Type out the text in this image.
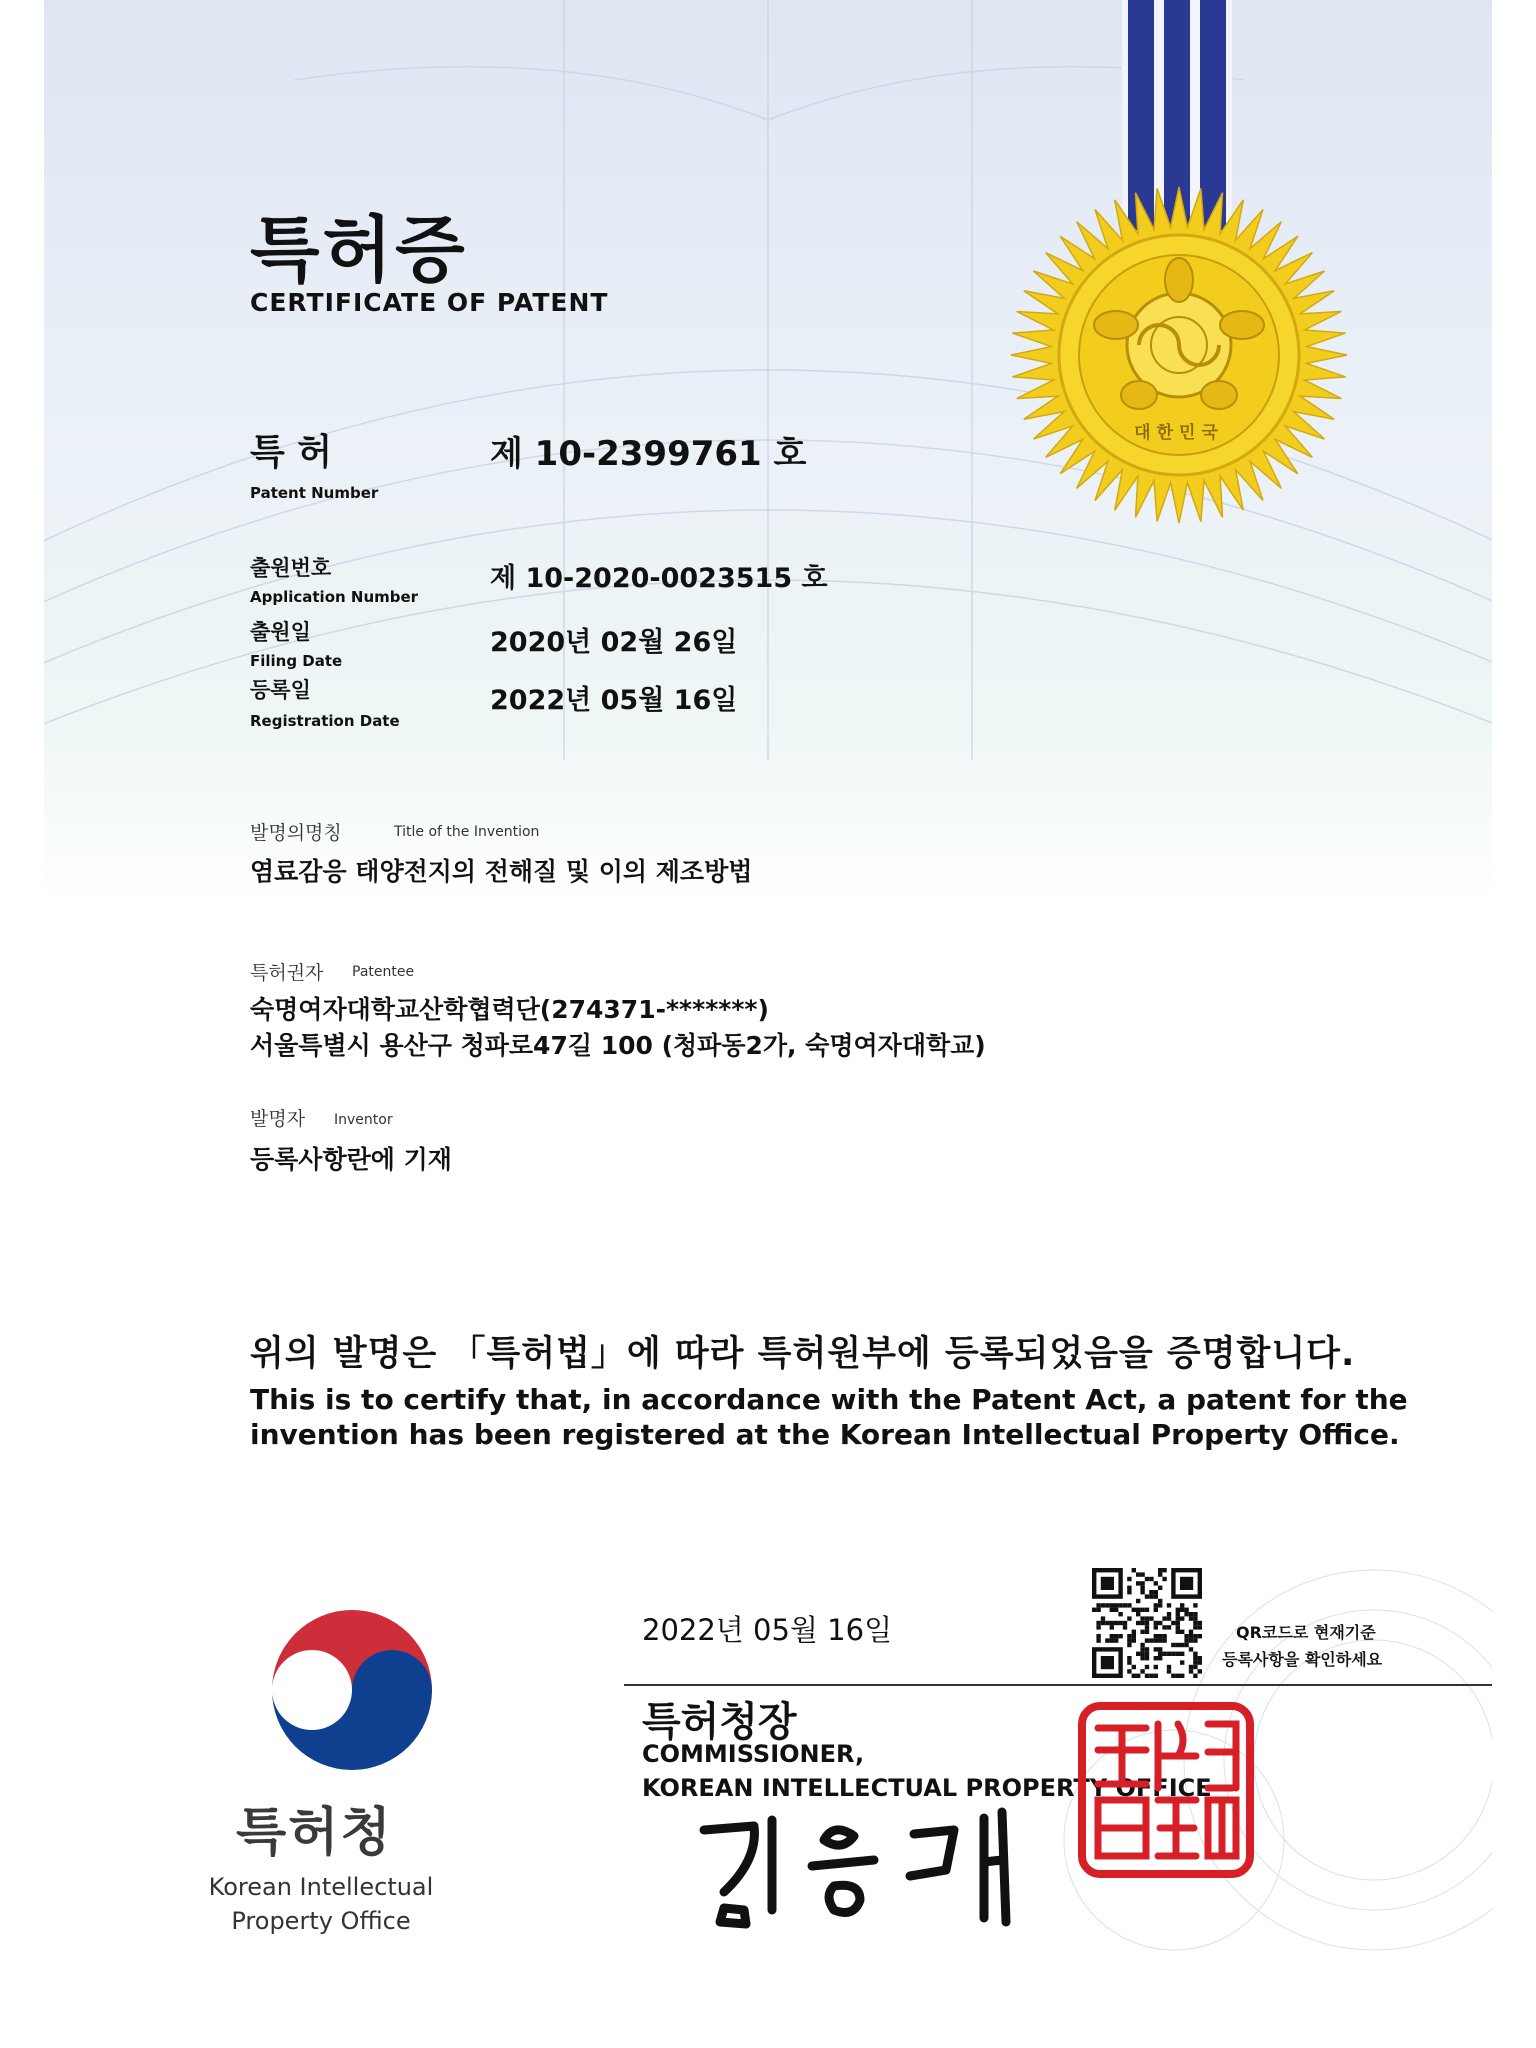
특허증
CERTIFICATE OF PATENT
대한민국
특 허
Patent Number
제 10-2399761 호
출원번호
Application Number
제 10-2020-0023515 호
출원일
Filing Date
2020년 02월 26일
등록일
Registration Date
2022년 05월 16일
발명의명칭	Title of the Invention
염료감응 태양전지의 전해질 및 이의 제조방법
특허권자 Patentee
숙명여자대학교산학협력단(274371-*******)
서울특별시 용산구 청파로47길 100 (청파동2가, 숙명여자대학교)
발명자 Inventor
등록사항란에 기재
위의 발명은 「특허법」에 따라 특허원부에 등록되었음을 증명합니다.
This is to certify that, in accordance with the Patent Act, a patent for the invention has been registered at the Korean Intellectual Property Office.
특허청
Korean Intellectual
Property Office
2022년 05월 16일
특허청장
COMMISSIONER,
KOREAN INTELLECTUAL PROPERTY OFFICE
QR코드로 현재기준
등록사항을 확인하세요
